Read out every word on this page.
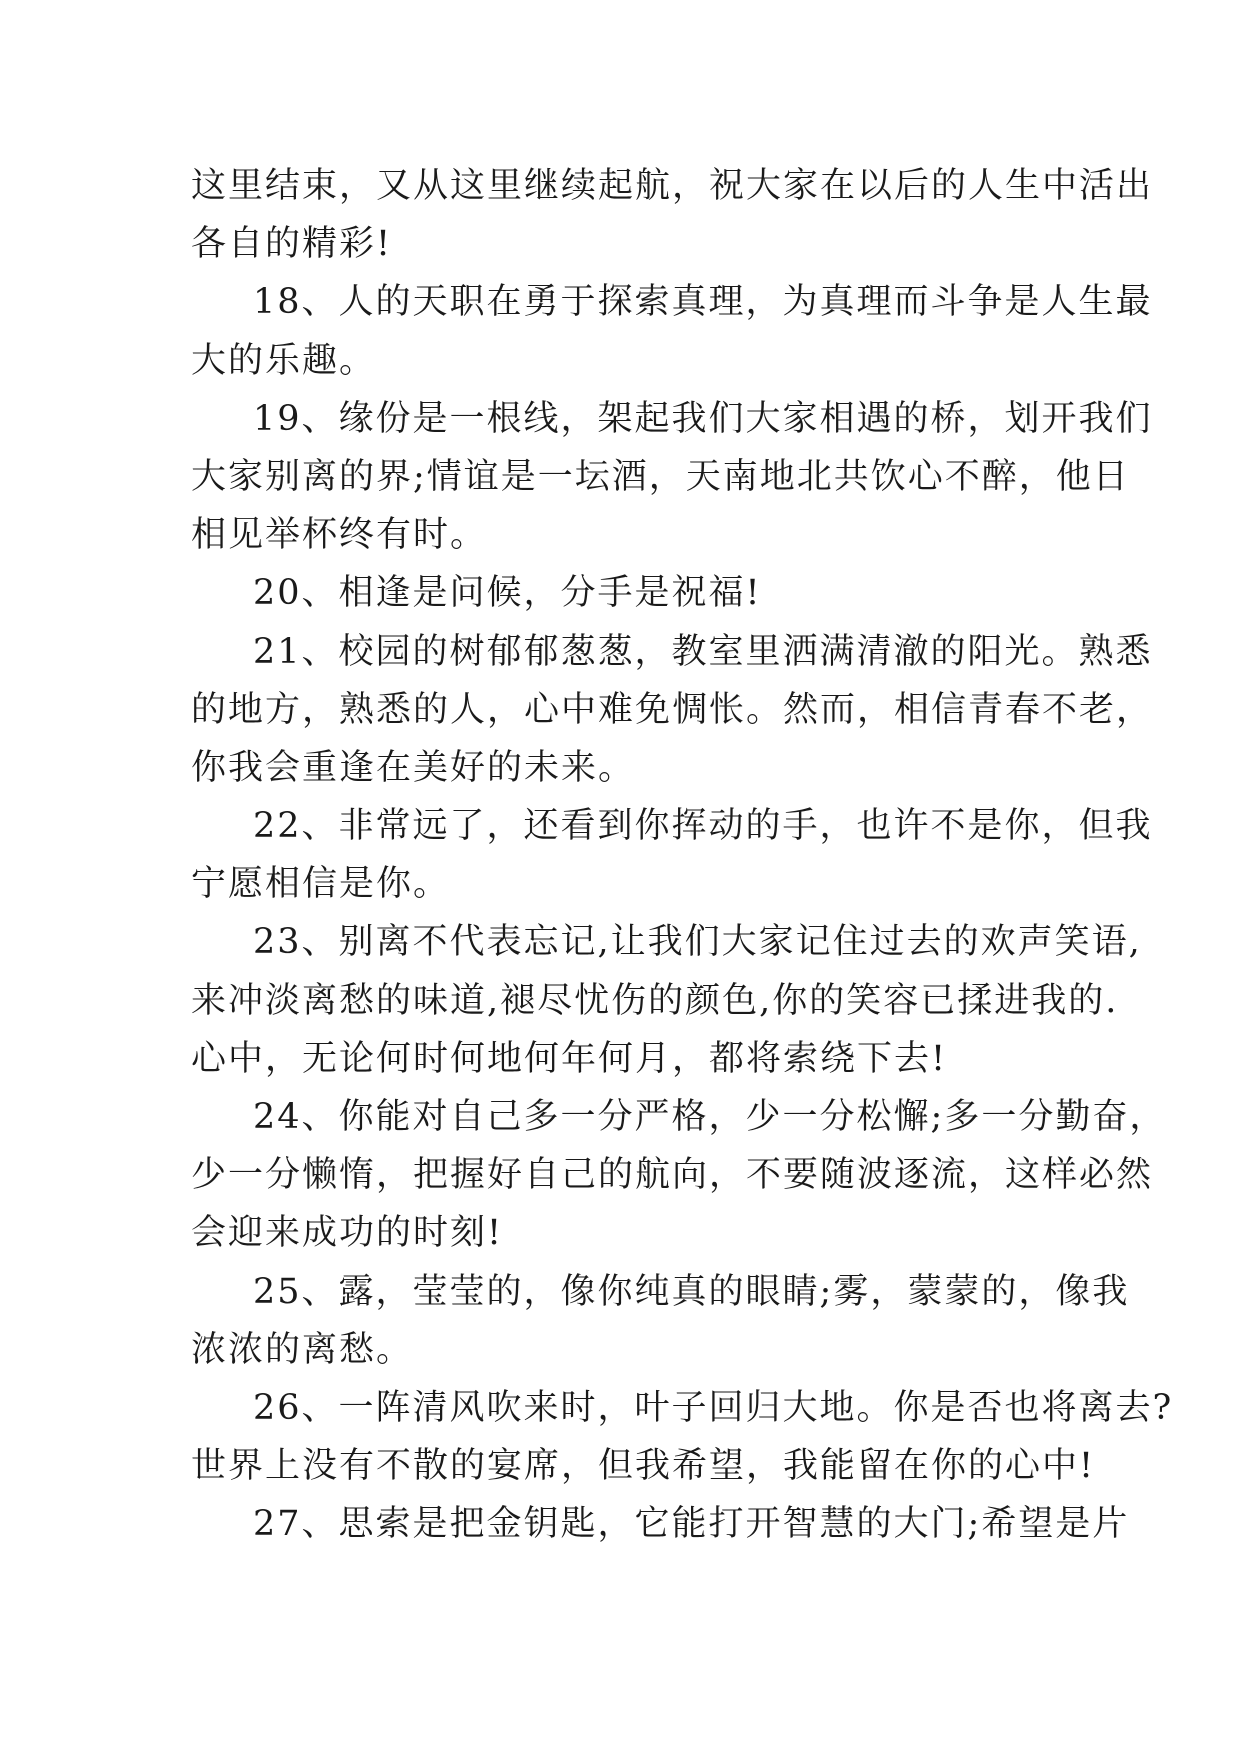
这里结束，又从这里继续起航，祝大家在以后的人生中活出
各自的精彩!
18、人的天职在勇于探索真理，为真理而斗争是人生最
大的乐趣。
19、缘份是一根线，架起我们大家相遇的桥，划开我们
大家别离的界;情谊是一坛酒，天南地北共饮心不醉，他日
相见举杯终有时。
20、相逢是问候，分手是祝福!
21、校园的树郁郁葱葱，教室里洒满清澈的阳光。熟悉
的地方，熟悉的人，心中难免惆怅。然而，相信青春不老，
你我会重逢在美好的未来。
22、非常远了，还看到你挥动的手，也许不是你，但我
宁愿相信是你。
23、别离不代表忘记,让我们大家记住过去的欢声笑语,
来冲淡离愁的味道,褪尽忧伤的颜色,你的笑容已揉进我的.
心中，无论何时何地何年何月，都将索绕下去!
24、你能对自己多一分严格，少一分松懈;多一分勤奋，
少一分懒惰，把握好自己的航向，不要随波逐流，这样必然
会迎来成功的时刻!
25、露，莹莹的，像你纯真的眼睛;雾，蒙蒙的，像我
浓浓的离愁。
26、一阵清风吹来时，叶子回归大地。你是否也将离去?
世界上没有不散的宴席，但我希望，我能留在你的心中!
27、思索是把金钥匙，它能打开智慧的大门;希望是片
